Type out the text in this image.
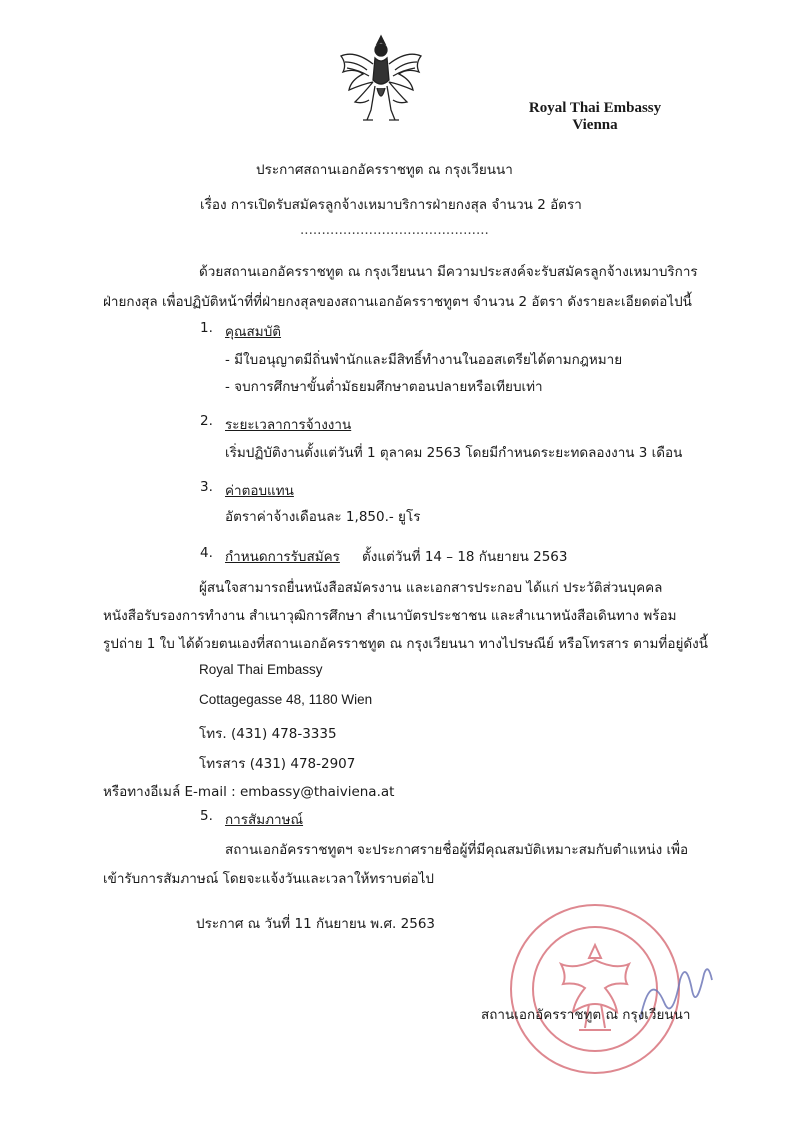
Royal Thai Embassy
Vienna
ประกาศสถานเอกอัครราชทูต ณ กรุงเวียนนา
เรื่อง การเปิดรับสมัครลูกจ้างเหมาบริการฝ่ายกงสุล จำนวน 2 อัตรา
............................................
ด้วยสถานเอกอัครราชทูต ณ กรุงเวียนนา มีความประสงค์จะรับสมัครลูกจ้างเหมาบริการ
ฝ่ายกงสุล เพื่อปฏิบัติหน้าที่ที่ฝ่ายกงสุลของสถานเอกอัครราชทูตฯ จำนวน 2 อัตรา ดังรายละเอียดต่อไปนี้
1. คุณสมบัติ
- มีใบอนุญาตมีถิ่นพำนักและมีสิทธิ์ทำงานในออสเตรียได้ตามกฎหมาย
- จบการศึกษาขั้นต่ำมัธยมศึกษาตอนปลายหรือเทียบเท่า
2. ระยะเวลาการจ้างงาน
เริ่มปฏิบัติงานตั้งแต่วันที่ 1 ตุลาคม 2563 โดยมีกำหนดระยะทดลองงาน 3 เดือน
3. ค่าตอบแทน
อัตราค่าจ้างเดือนละ 1,850.- ยูโร
4. กำหนดการรับสมัคร ตั้งแต่วันที่ 14 – 18 กันยายน 2563
ผู้สนใจสามารถยื่นหนังสือสมัครงาน และเอกสารประกอบ ได้แก่ ประวัติส่วนบุคคล
หนังสือรับรองการทำงาน สำเนาวุฒิการศึกษา สำเนาบัตรประชาชน และสำเนาหนังสือเดินทาง พร้อม
รูปถ่าย 1 ใบ ได้ด้วยตนเองที่สถานเอกอัครราชทูต ณ กรุงเวียนนา ทางไปรษณีย์ หรือโทรสาร ตามที่อยู่ดังนี้
Royal Thai Embassy
Cottagegasse 48, 1180 Wien
โทร. (431) 478-3335
โทรสาร (431) 478-2907
หรือทางอีเมล์ E-mail : embassy@thaiviena.at
5. การสัมภาษณ์
สถานเอกอัครราชทูตฯ จะประกาศรายชื่อผู้ที่มีคุณสมบัติเหมาะสมกับตำแหน่ง เพื่อ
เข้ารับการสัมภาษณ์ โดยจะแจ้งวันและเวลาให้ทราบต่อไป
ประกาศ ณ วันที่ 11 กันยายน พ.ศ. 2563
สถานเอกอัครราชทูต ณ กรุงเวียนนา
